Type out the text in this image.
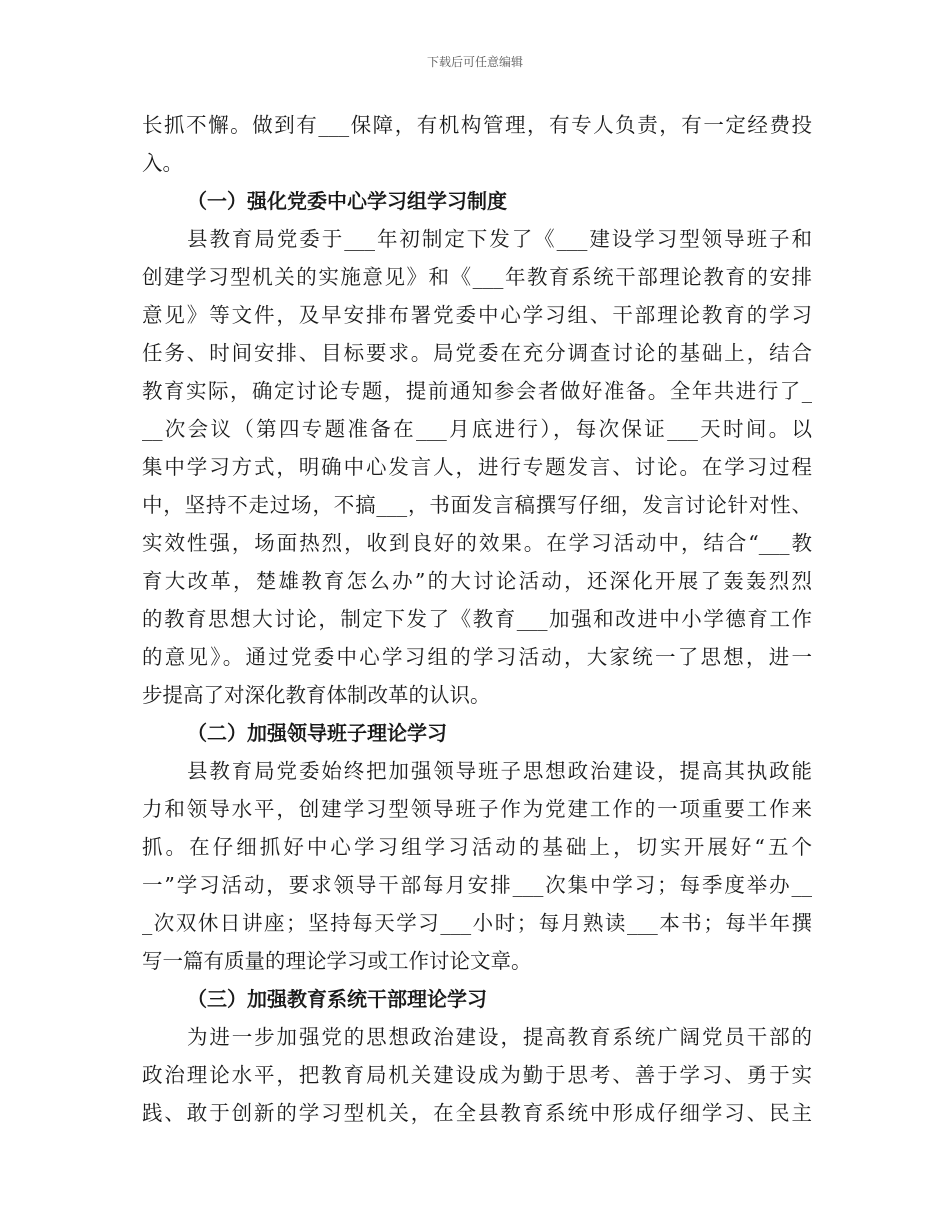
下载后可任意编辑
长抓不懈。做到有___保障，有机构管理，有专人负责，有一定经费投
入。
（一）强化党委中心学习组学习制度
县教育局党委于___年初制定下发了《___建设学习型领导班子和
创建学习型机关的实施意见》和《___年教育系统干部理论教育的安排
意见》等文件，及早安排布署党委中心学习组、干部理论教育的学习
任务、时间安排、目标要求。局党委在充分调查讨论的基础上，结合
教育实际，确定讨论专题，提前通知参会者做好准备。全年共进行了_
__次会议（第四专题准备在___月底进行），每次保证___天时间。以
集中学习方式，明确中心发言人，进行专题发言、讨论。在学习过程
中，坚持不走过场，不搞___，书面发言稿撰写仔细，发言讨论针对性、
实效性强，场面热烈，收到良好的效果。在学习活动中，结合“___教
育大改革，楚雄教育怎么办”的大讨论活动，还深化开展了轰轰烈烈
的教育思想大讨论，制定下发了《教育___加强和改进中小学德育工作
的意见》。通过党委中心学习组的学习活动，大家统一了思想，进一
步提高了对深化教育体制改革的认识。
（二）加强领导班子理论学习
县教育局党委始终把加强领导班子思想政治建设，提高其执政能
力和领导水平，创建学习型领导班子作为党建工作的一项重要工作来
抓。在仔细抓好中心学习组学习活动的基础上，切实开展好“五个
一”学习活动，要求领导干部每月安排___次集中学习；每季度举办__
_次双休日讲座；坚持每天学习___小时；每月熟读___本书；每半年撰
写一篇有质量的理论学习或工作讨论文章。
（三）加强教育系统干部理论学习
为进一步加强党的思想政治建设，提高教育系统广阔党员干部的
政治理论水平，把教育局机关建设成为勤于思考、善于学习、勇于实
践、敢于创新的学习型机关，在全县教育系统中形成仔细学习、民主
